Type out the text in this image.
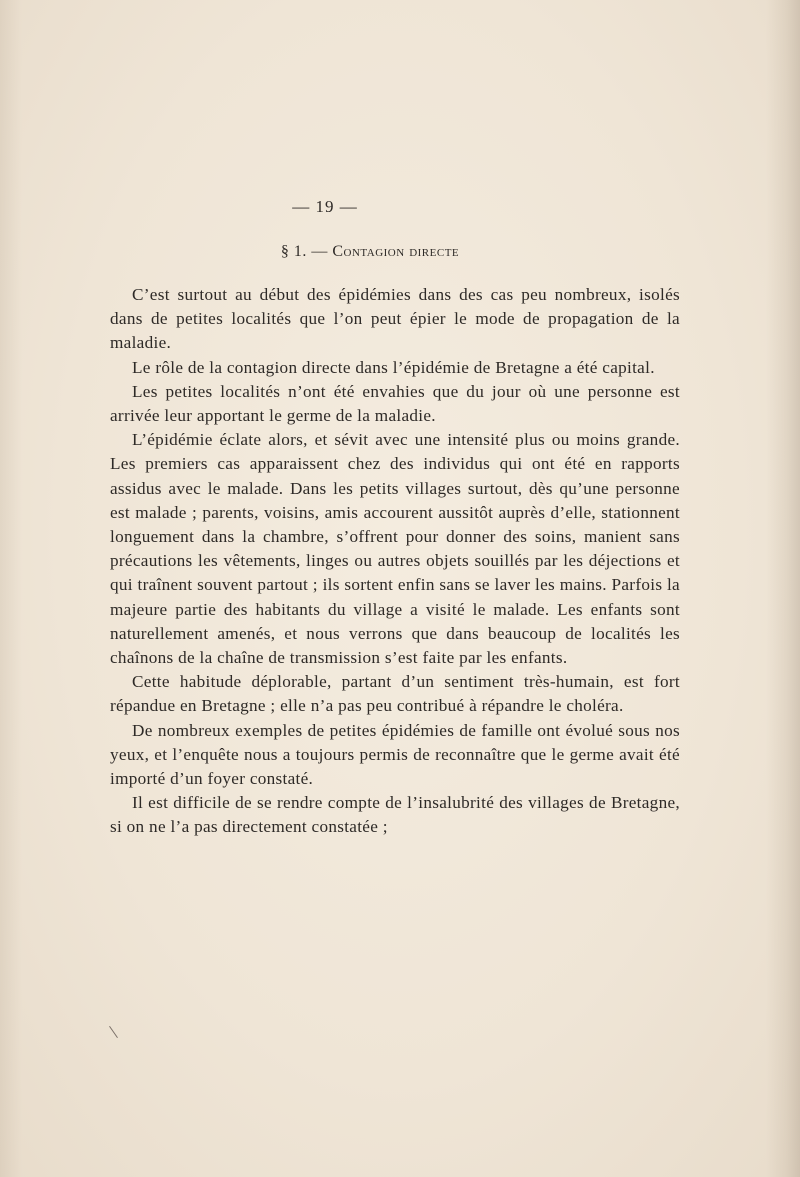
— 19 —
§ 1. — Contagion directe

C’est surtout au début des épidémies dans des cas peu nombreux, isolés dans de petites localités que l’on peut épier le mode de propagation de la maladie.

Le rôle de la contagion directe dans l’épidémie de Bretagne a été capital.

Les petites localités n’ont été envahies que du jour où une personne est arrivée leur apportant le germe de la maladie.

L’épidémie éclate alors, et sévit avec une intensité plus ou moins grande. Les premiers cas apparaissent chez des individus qui ont été en rapports assidus avec le malade. Dans les petits villages surtout, dès qu’une personne est malade ; parents, voisins, amis accourent aussitôt auprès d’elle, stationnent longuement dans la chambre, s’offrent pour donner des soins, manient sans précautions les vêtements, linges ou autres objets souillés par les déjections et qui traînent souvent partout ; ils sortent enfin sans se laver les mains. Parfois la majeure partie des habitants du village a visité le malade. Les enfants sont naturellement amenés, et nous verrons que dans beaucoup de localités les chaînons de la chaîne de transmission s’est faite par les enfants.

Cette habitude déplorable, partant d’un sentiment très-humain, est fort répandue en Bretagne ; elle n’a pas peu contribué à répandre le choléra.

De nombreux exemples de petites épidémies de famille ont évolué sous nos yeux, et l’enquête nous a toujours permis de reconnaître que le germe avait été importé d’un foyer constaté.

Il est difficile de se rendre compte de l’insalubrité des villages de Bretagne, si on ne l’a pas directement constatée ;
